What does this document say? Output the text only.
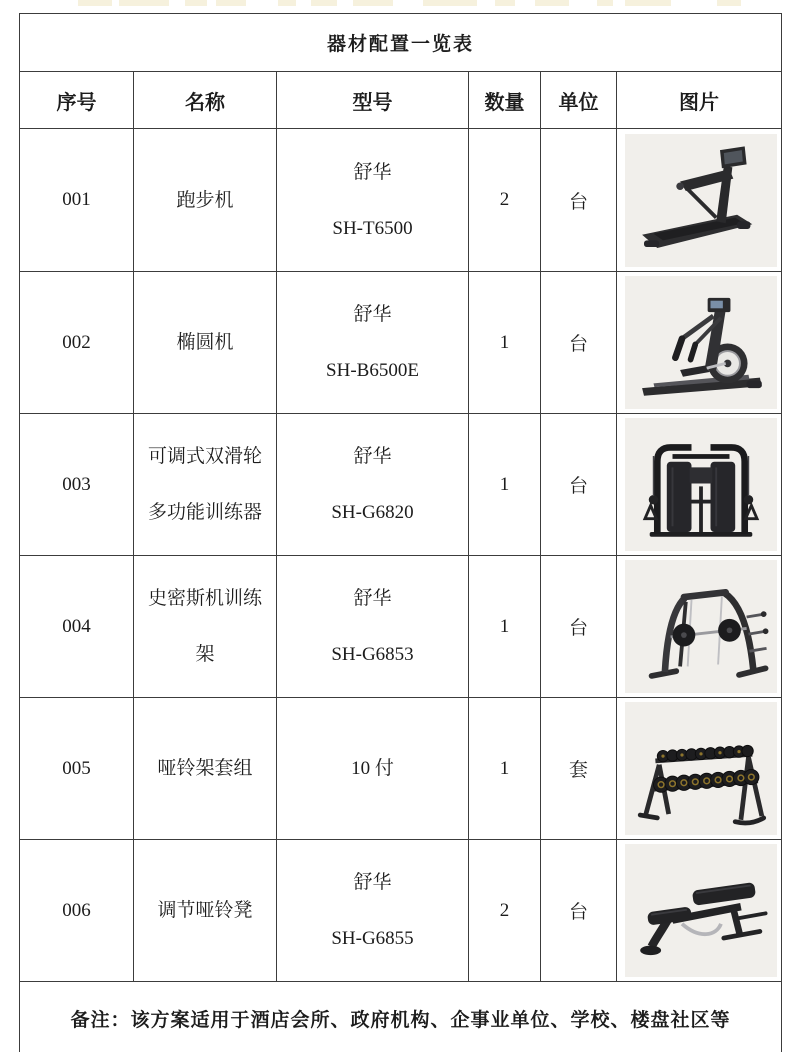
器材配置一览表					
序号	名称	型号	数量	单位	图片
001	跑步机	舒华
SH-T6500	2	台	

002	椭圆机	舒华
SH-B6500E	1	台	

003	可调式双滑轮
多功能训练器	舒华
SH-G6820	1	台	

004	史密斯机训练
架	舒华
SH-G6853	1	台	

005	哑铃架套组	10 付	1	套	

006	调节哑铃凳	舒华
SH-G6855	2	台	

备注：该方案适用于酒店会所、政府机构、企事业单位、学校、楼盘社区等					
